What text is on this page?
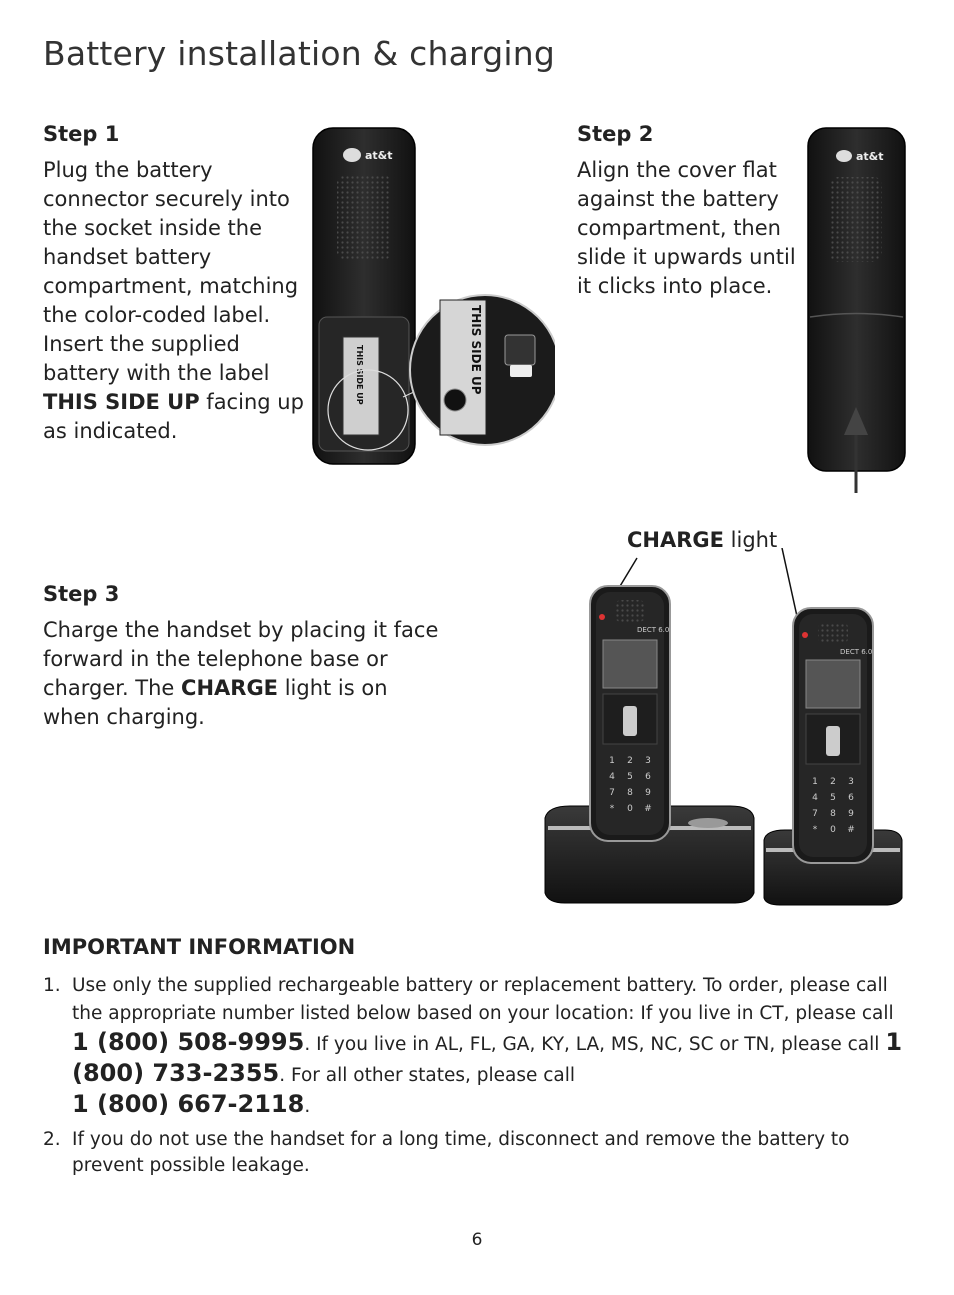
Battery installation & charging
Step 1

Plug the battery connector securely into the socket inside the handset battery compartment, matching the color-coded label. Insert the supplied battery with the label THIS SIDE UP facing up as indicated.

at&t
THIS SIDE UP	THIS SIDE UP
Step 2

Align the cover flat against the battery compartment, then slide it upwards until it clicks into place.

at&t
Step 3

Charge the handset by placing it face forward in the telephone base or charger. The CHARGE light is on when charging.

CHARGE light
DECT 6.0
1 2 3
4 5 6
7 8 9
* 0 #
DECT 6.0
1 2 3
4 5 6
7 8 9
* 0 #
IMPORTANT INFORMATION
1. Use only the supplied rechargeable battery or replacement battery. To order, please call the appropriate number listed below based on your location: If you live in CT, please call 1 (800) 508-9995. If you live in AL, FL, GA, KY, LA, MS, NC, SC or TN, please call 1 (800) 733-2355. For all other states, please call
1 (800) 667-2118.
2. If you do not use the handset for a long time, disconnect and remove the battery to prevent possible leakage.
6
